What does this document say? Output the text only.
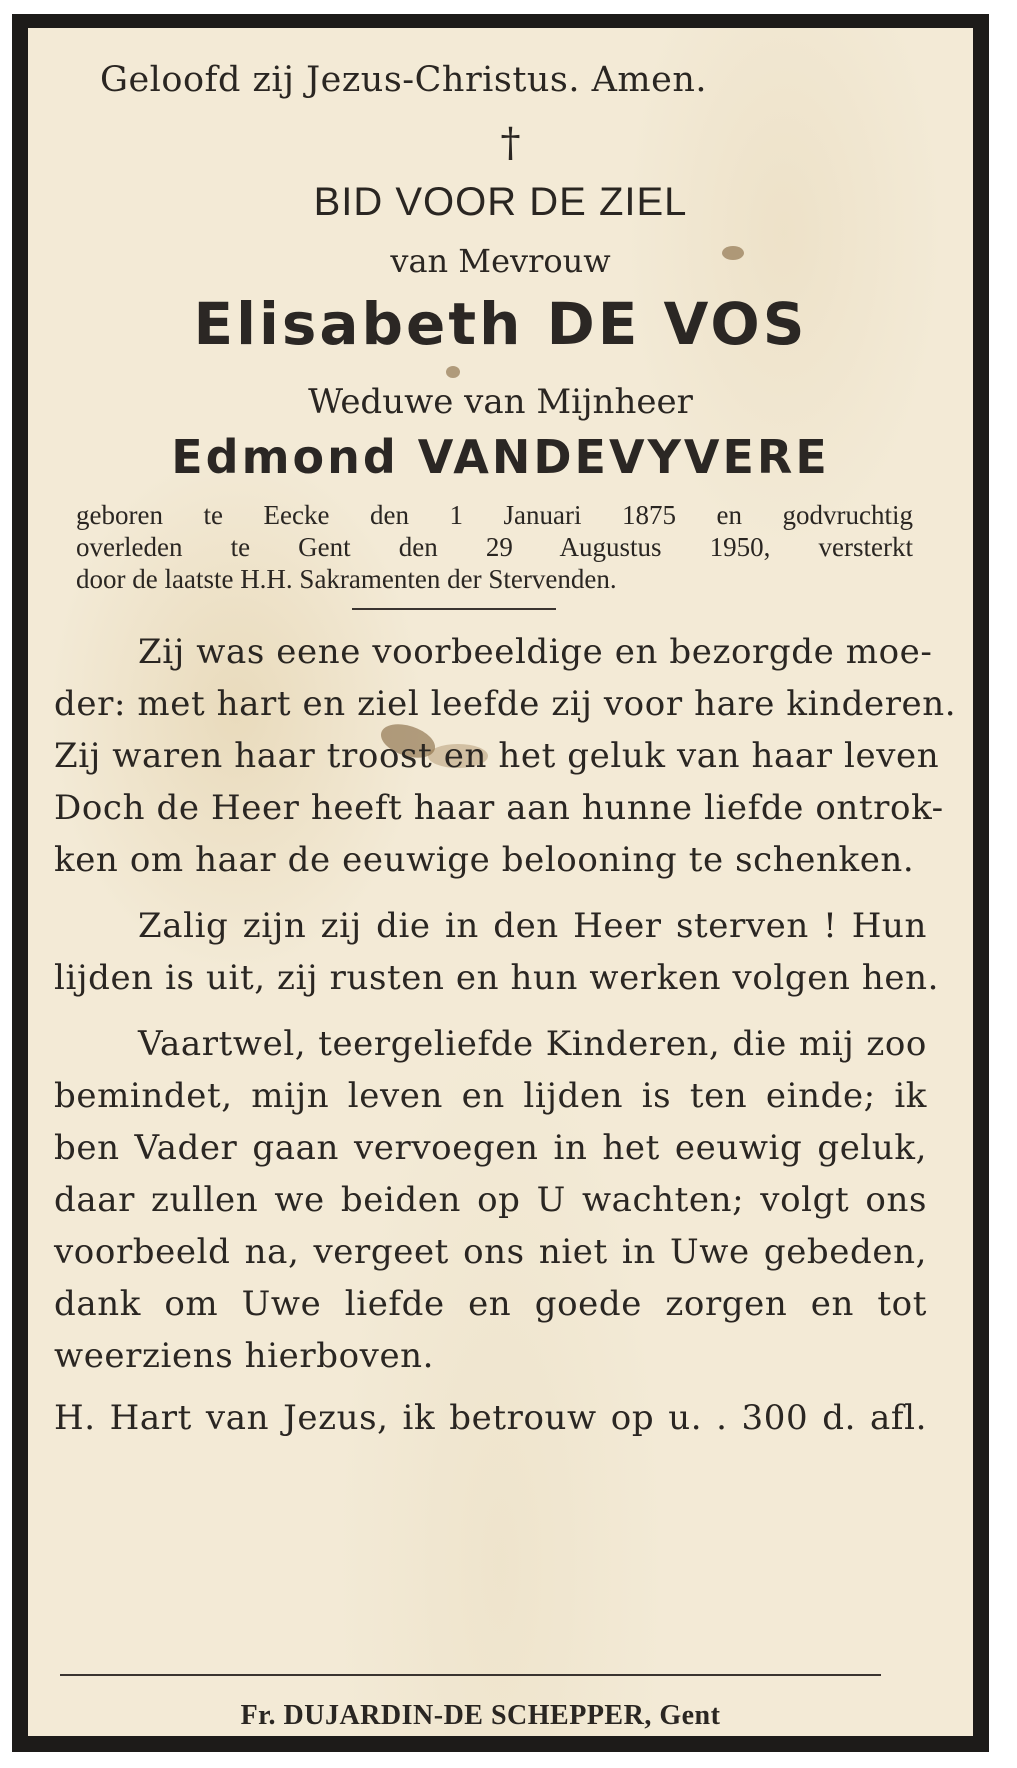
Geloofd zij Jezus-Christus. Amen.
†
BID VOOR DE ZIEL
van Mevrouw
Elisabeth DE VOS
Weduwe van Mijnheer
Edmond VANDEVYVERE
geboren te Eecke den 1 Januari 1875 en godvruchtig
overleden te Gent den 29 Augustus 1950, versterkt
door de laatste H.H. Sakramenten der Stervenden.
Zij was eene voorbeeldige en bezorgde moe-
der: met hart en ziel leefde zij voor hare kinderen.
Zij waren haar troost en het geluk van haar leven
Doch de Heer heeft haar aan hunne liefde ontrok-
ken om haar de eeuwige belooning te schenken.
Zalig zijn zij die in den Heer sterven ! Hun
lijden is uit, zij rusten en hun werken volgen hen.
Vaartwel, teergeliefde Kinderen, die mij zoo
bemindet, mijn leven en lijden is ten einde; ik
ben Vader gaan vervoegen in het eeuwig geluk,
daar zullen we beiden op U wachten; volgt ons
voorbeeld na, vergeet ons niet in Uwe gebeden,
dank om Uwe liefde en goede zorgen en tot
weerziens hierboven.
H. Hart van Jezus, ik betrouw op u. . 300 d. afl.
Fr. DUJARDIN-DE SCHEPPER, Gent
